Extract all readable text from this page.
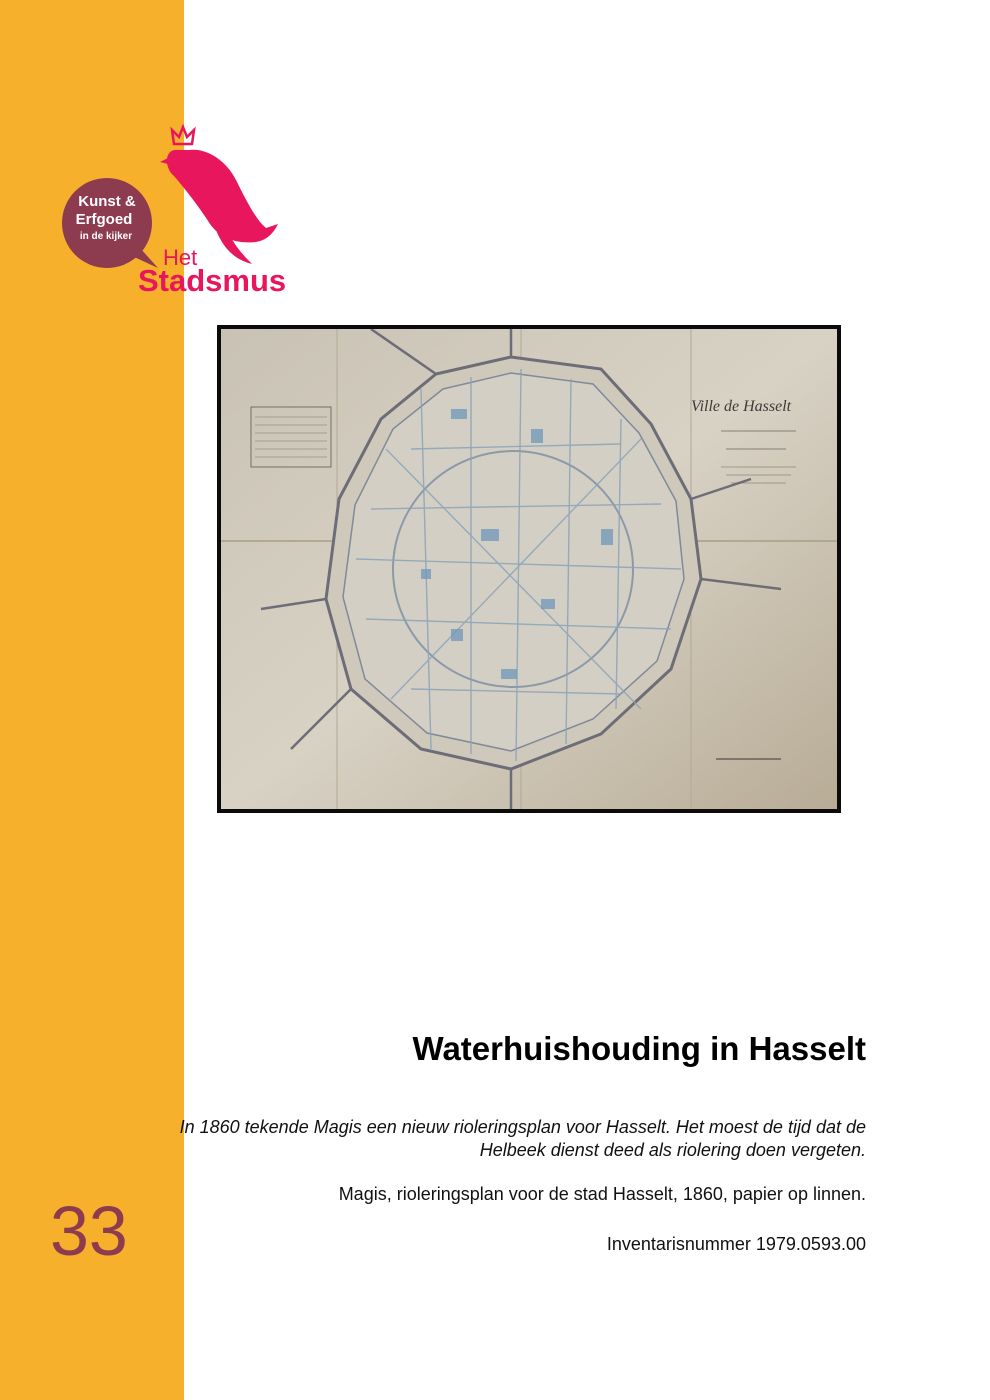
Kunst &
Erfgoed
in de kijker
Het
Stadsmus
Ville de Hasselt
Waterhuishouding in Hasselt
In 1860 tekende Magis een nieuw rioleringsplan voor Hasselt. Het moest de tijd dat de Helbeek dienst deed als riolering doen vergeten.
Magis, rioleringsplan voor de stad Hasselt, 1860, papier op linnen.
Inventarisnummer 1979.0593.00
33
